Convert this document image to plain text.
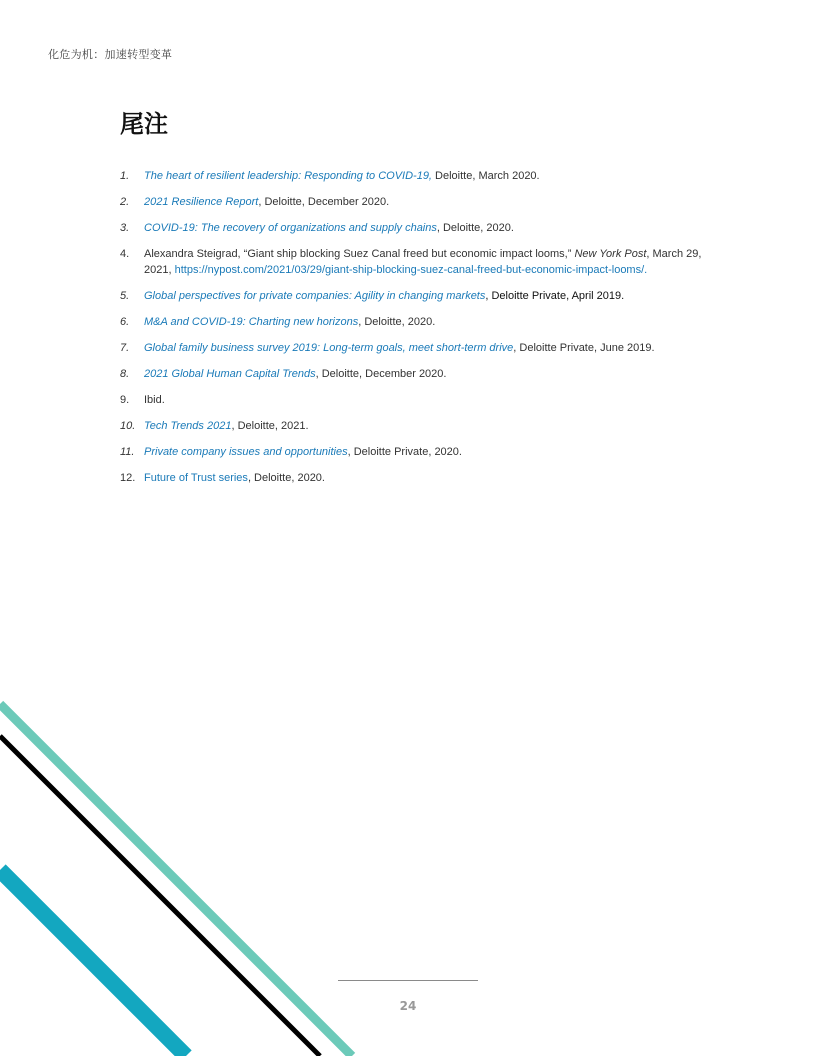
化危为机：加速转型变革
尾注
1.	The heart of resilient leadership: Responding to COVID-19, Deloitte, March 2020.
2.	2021 Resilience Report, Deloitte, December 2020.
3.	COVID-19: The recovery of organizations and supply chains, Deloitte, 2020.
4.	Alexandra Steigrad, “Giant ship blocking Suez Canal freed but economic impact looms,” New York Post, March 29, 2021, https://nypost.com/2021/03/29/giant-ship-blocking-suez-canal-freed-but-economic-impact-looms/.
5.	Global perspectives for private companies: Agility in changing markets, Deloitte Private, April 2019.
6.	M&A and COVID-19: Charting new horizons, Deloitte, 2020.
7.	Global family business survey 2019: Long-term goals, meet short-term drive, Deloitte Private, June 2019.
8.	2021 Global Human Capital Trends, Deloitte, December 2020.
9.	Ibid.
10. Tech Trends 2021, Deloitte, 2021.
11. Private company issues and opportunities, Deloitte Private, 2020.
12. Future of Trust series, Deloitte, 2020.
24
